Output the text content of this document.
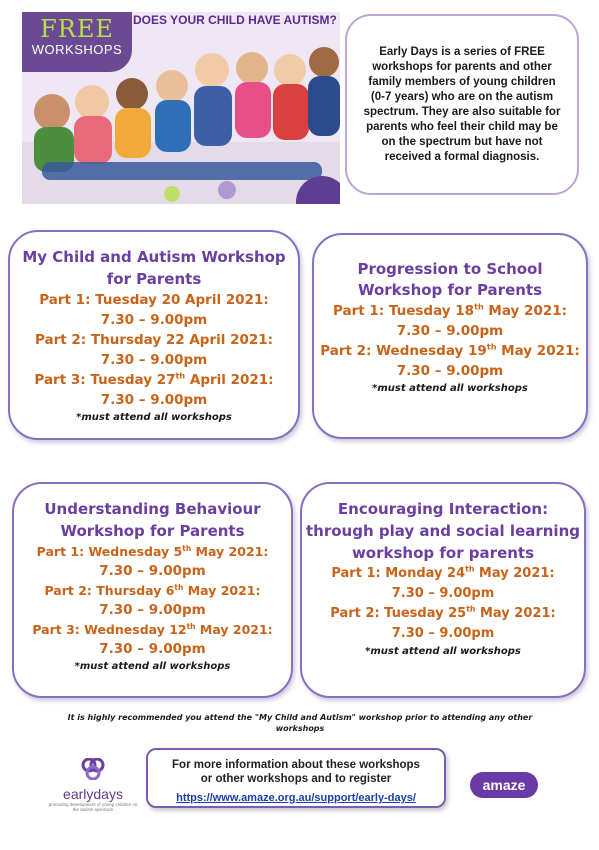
FREE
WORKSHOPS
DOES YOUR CHILD HAVE AUTISM?

Early Days is a series of FREE workshops for parents and other family members of young children (0-7 years) who are on the autism spectrum. They are also suitable for parents who feel their child may be on the spectrum but have not received a formal diagnosis.

My Child and Autism Workshop
for Parents
Part 1: Tuesday 20 April 2021:
7.30 – 9.00pm
Part 2: Thursday 22 April 2021:
7.30 – 9.00pm
Part 3: Tuesday 27th April 2021:
7.30 – 9.00pm
*must attend all workshops
Progression to School
Workshop for Parents
Part 1: Tuesday 18th May 2021:
7.30 – 9.00pm
Part 2: Wednesday 19th May 2021:
7.30 – 9.00pm
*must attend all workshops
Understanding Behaviour
Workshop for Parents
Part 1: Wednesday 5th May 2021:
7.30 – 9.00pm
Part 2: Thursday 6th May 2021:
7.30 – 9.00pm
Part 3: Wednesday 12th May 2021:
7.30 – 9.00pm
*must attend all workshops
Encouraging Interaction:
through play and social learning
workshop for parents
Part 1: Monday 24th May 2021:
7.30 – 9.00pm
Part 2: Tuesday 25th May 2021:
7.30 – 9.00pm
*must attend all workshops
It is highly recommended you attend the "My Child and Autism" workshop prior to attending any other workshops
earlydays
promoting development of young children on the autism spectrum
For more information about these workshops
or other workshops and to register
https://www.amaze.org.au/support/early-days/
amaze
